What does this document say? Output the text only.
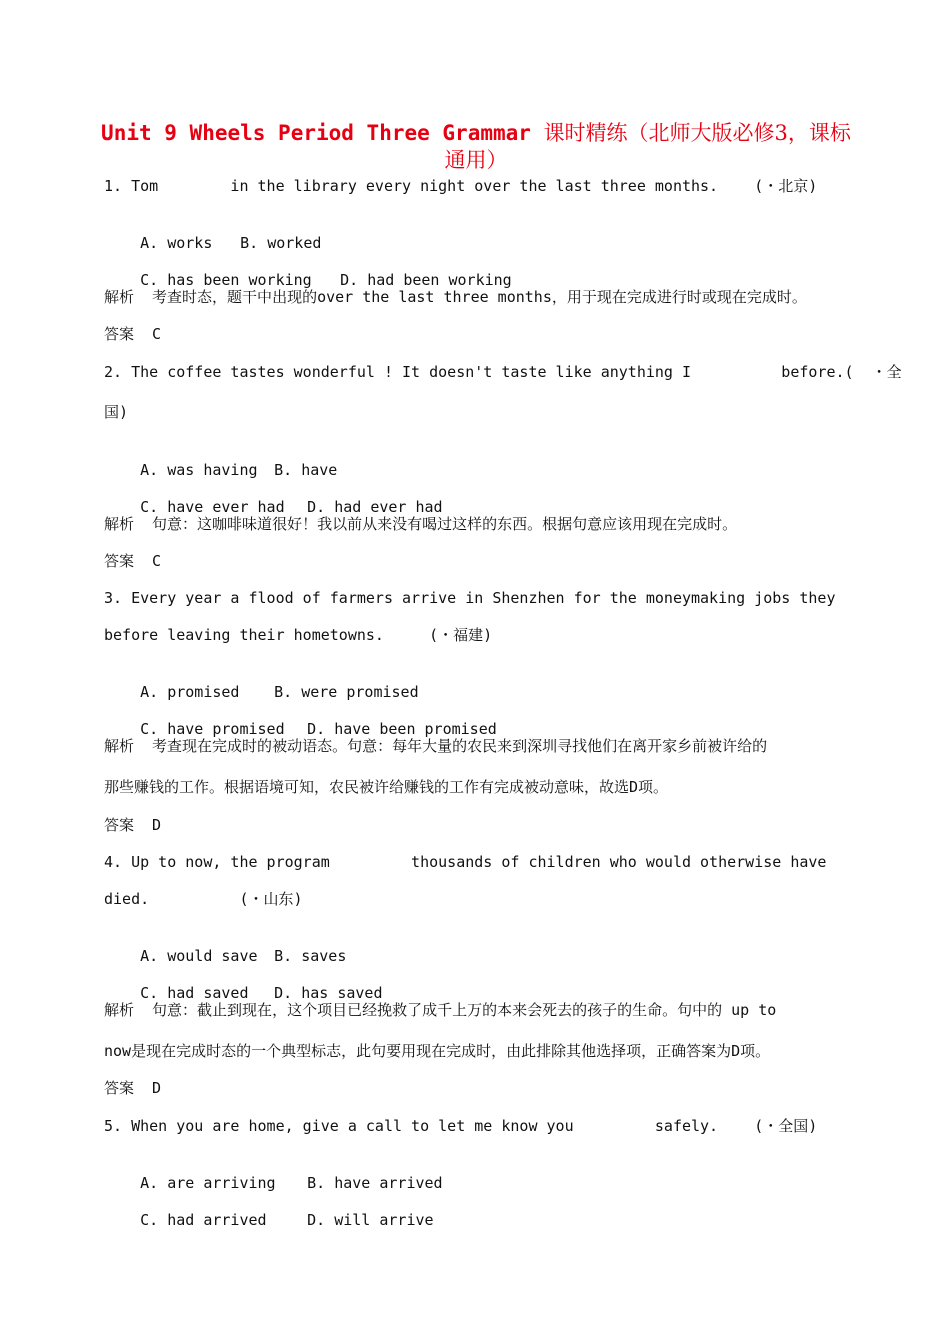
Unit 9 Wheels Period Three Grammar 课时精练（北师大版必修3，课标通用）
1. Tom        in the library every night over the last three months.    (・北京)

A. works B. worked

C. has been working D. had been working

解析  考查时态，题干中出现的over the last three months，用于现在完成进行时或现在完成时。
答案  C
2. The coffee tastes wonderful ! It doesn't taste like anything I          before.(  ・全
国)

A. was having B. have

C. have ever had D. had ever had

解析  句意：这咖啡味道很好！我以前从来没有喝过这样的东西。根据句意应该用现在完成时。
答案  C
3. Every year a flood of farmers arrive in Shenzhen for the moneymaking jobs they
before leaving their hometowns.     (・福建)

A. promised B. were promised

C. have promised D. have been promised

解析  考查现在完成时的被动语态。句意：每年大量的农民来到深圳寻找他们在离开家乡前被许给的
那些赚钱的工作。根据语境可知，农民被许给赚钱的工作有完成被动意味，故选D项。
答案  D
4. Up to now, the program         thousands of children who would otherwise have
died.          (・山东)

A. would save B. saves

C. had saved D. has saved

解析  句意：截止到现在，这个项目已经挽救了成千上万的本来会死去的孩子的生命。句中的 up to
now是现在完成时态的一个典型标志，此句要用现在完成时，由此排除其他选择项，正确答案为D项。
答案  D
5. When you are home, give a call to let me know you         safely.    (・全国)

A. are arriving B. have arrived

C. had arrived	D. will arrive
